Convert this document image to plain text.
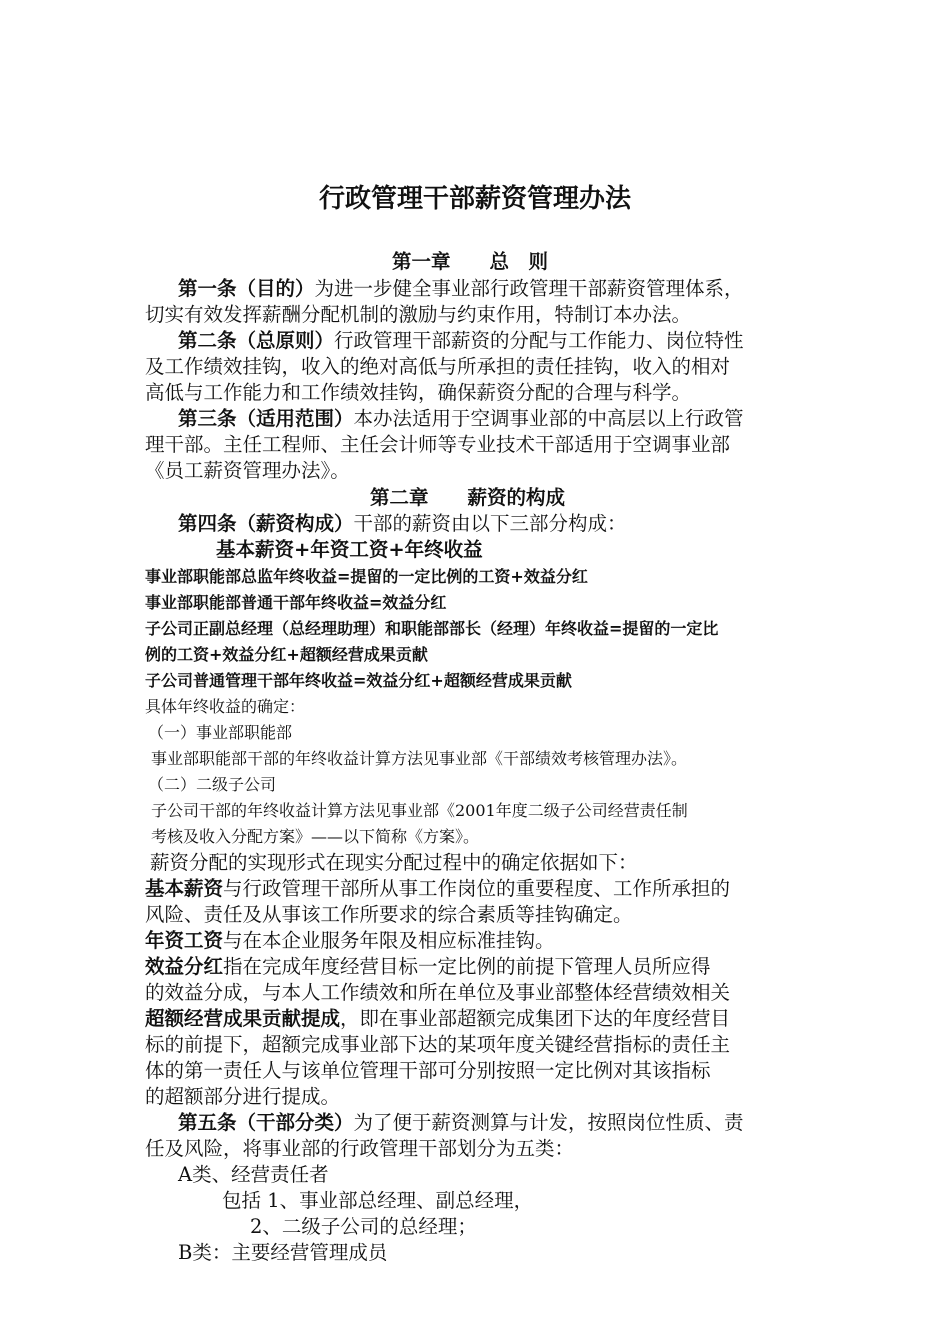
行政管理干部薪资管理办法
第一章　　总　则
第一条（目的）为进一步健全事业部行政管理干部薪资管理体系，
切实有效发挥薪酬分配机制的激励与约束作用，特制订本办法。
第二条（总原则）行政管理干部薪资的分配与工作能力、岗位特性
及工作绩效挂钩，收入的绝对高低与所承担的责任挂钩，收入的相对
高低与工作能力和工作绩效挂钩，确保薪资分配的合理与科学。
第三条（适用范围）本办法适用于空调事业部的中高层以上行政管
理干部。主任工程师、主任会计师等专业技术干部适用于空调事业部
《员工薪资管理办法》。
第二章　　薪资的构成
第四条（薪资构成）干部的薪资由以下三部分构成：
基本薪资+年资工资+年终收益
事业部职能部总监年终收益=提留的一定比例的工资+效益分红
事业部职能部普通干部年终收益=效益分红
子公司正副总经理（总经理助理）和职能部部长（经理）年终收益=提留的一定比
例的工资+效益分红+超额经营成果贡献
子公司普通管理干部年终收益=效益分红+超额经营成果贡献
具体年终收益的确定：
（一）事业部职能部
事业部职能部干部的年终收益计算方法见事业部《干部绩效考核管理办法》。
（二）二级子公司
子公司干部的年终收益计算方法见事业部《2001年度二级子公司经营责任制
考核及收入分配方案》——以下简称《方案》。
薪资分配的实现形式在现实分配过程中的确定依据如下：
基本薪资与行政管理干部所从事工作岗位的重要程度、工作所承担的
风险、责任及从事该工作所要求的综合素质等挂钩确定。
年资工资与在本企业服务年限及相应标准挂钩。
效益分红指在完成年度经营目标一定比例的前提下管理人员所应得
的效益分成，与本人工作绩效和所在单位及事业部整体经营绩效相关
超额经营成果贡献提成，即在事业部超额完成集团下达的年度经营目
标的前提下，超额完成事业部下达的某项年度关键经营指标的责任主
体的第一责任人与该单位管理干部可分别按照一定比例对其该指标
的超额部分进行提成。
第五条（干部分类）为了便于薪资测算与计发，按照岗位性质、责
任及风险，将事业部的行政管理干部划分为五类：
A类、经营责任者
包括 1、事业部总经理、副总经理，
2、二级子公司的总经理；
B类：主要经营管理成员
